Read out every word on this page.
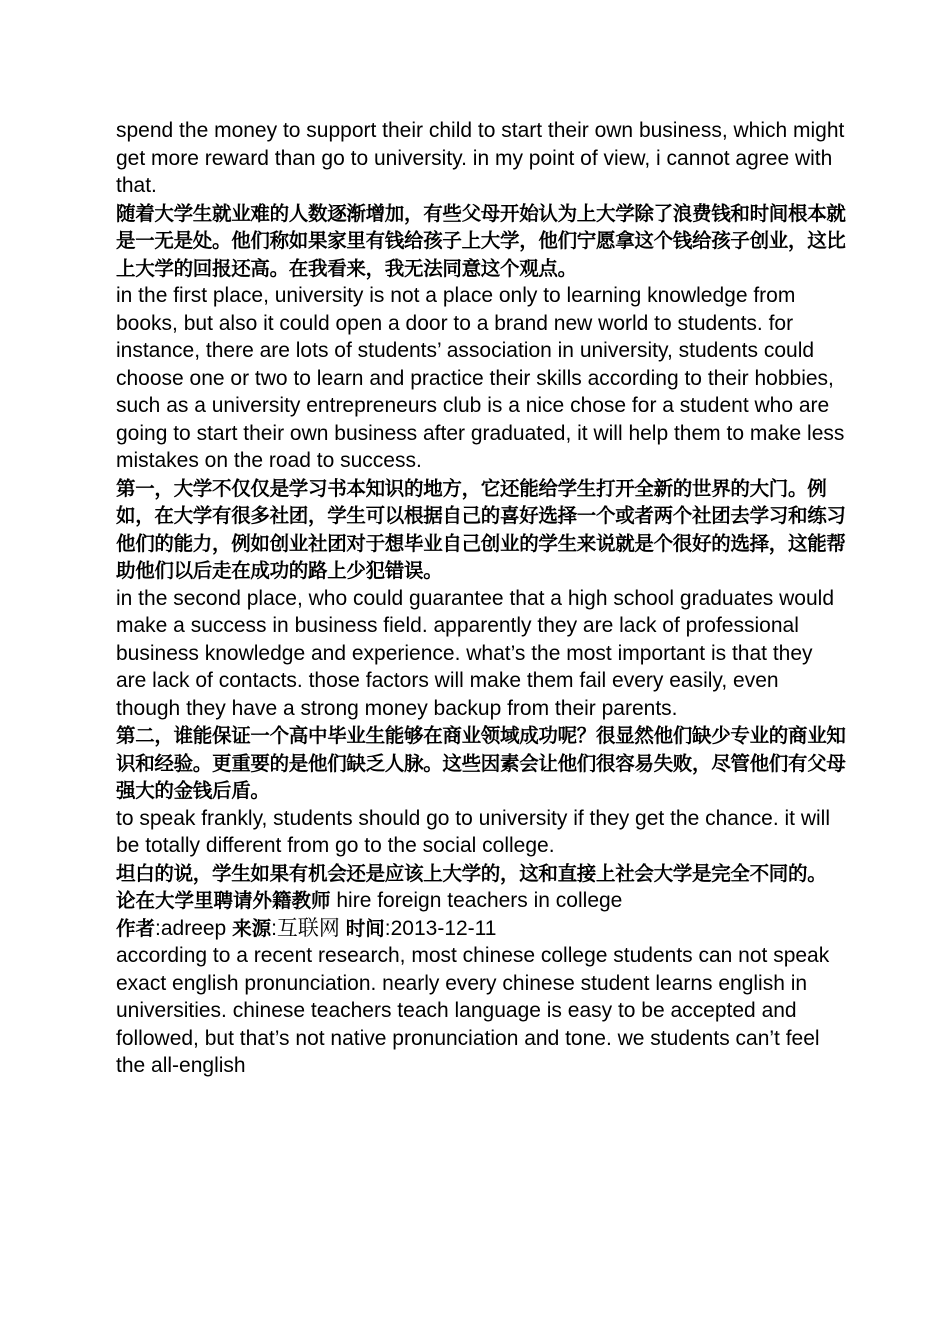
spend the money to support their child to start their own business, which might get more reward than go to university. in my point of view, i cannot agree with that.

随着大学生就业难的人数逐渐增加，有些父母开始认为上大学除了浪费钱和时间根本就是一无是处。他们称如果家里有钱给孩子上大学，他们宁愿拿这个钱给孩子创业，这比上大学的回报还高。在我看来，我无法同意这个观点。

in the first place, university is not a place only to learning knowledge from books, but also it could open a door to a brand new world to students. for instance, there are lots of students’ association in university, students could choose one or two to learn and practice their skills according to their hobbies, such as a university entrepreneurs club is a nice chose for a student who are going to start their own business after graduated, it will help them to make less mistakes on the road to success.

第一，大学不仅仅是学习书本知识的地方，它还能给学生打开全新的世界的大门。例如，在大学有很多社团，学生可以根据自己的喜好选择一个或者两个社团去学习和练习他们的能力，例如创业社团对于想毕业自己创业的学生来说就是个很好的选择，这能帮助他们以后走在成功的路上少犯错误。

in the second place, who could guarantee that a high school graduates would make a success in business field. apparently they are lack of professional business knowledge and experience. what’s the most important is that they are lack of contacts. those factors will make them fail every easily, even though they have a strong money backup from their parents.

第二，谁能保证一个高中毕业生能够在商业领域成功呢？很显然他们缺少专业的商业知识和经验。更重要的是他们缺乏人脉。这些因素会让他们很容易失败，尽管他们有父母强大的金钱后盾。

to speak frankly, students should go to university if they get the chance. it will be totally different from go to the social college.

坦白的说，学生如果有机会还是应该上大学的，这和直接上社会大学是完全不同的。

论在大学里聘请外籍教师 hire foreign teachers in college

作者:adreep 来源:互联网 时间:2013-12-11

according to a recent research, most chinese college students can not speak exact english pronunciation. nearly every chinese student learns english in universities. chinese teachers teach language is easy to be accepted and followed, but that’s not native pronunciation and tone. we students can’t feel the all-english
